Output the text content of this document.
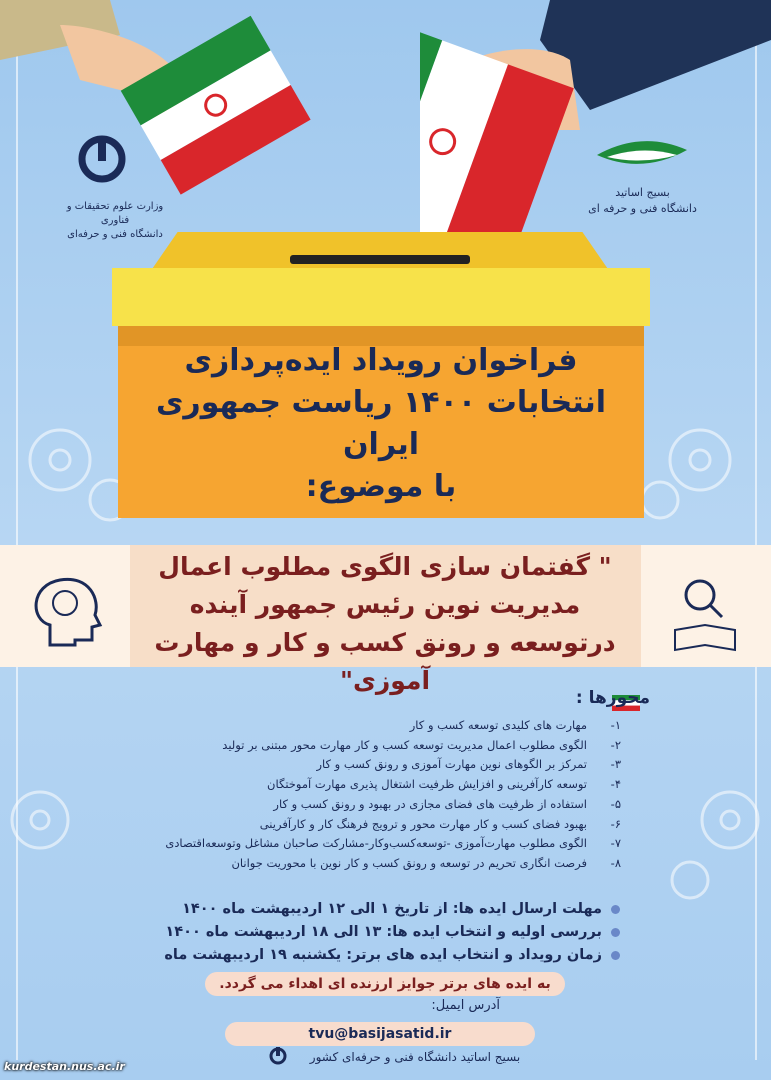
وزارت علوم تحقیقات و فناوری
دانشگاه فنی و حرفه‌ای
بسیج اساتید
دانشگاه فنی و حرفه ای
فراخوان رویداد ایده‌پردازی
انتخابات ۱۴۰۰ ریاست جمهوری ایران
با موضوع:
" گفتمان سازی الگوی مطلوب اعمال
مدیریت نوین رئیس جمهور آینده
درتوسعه و رونق کسب و کار و مهارت آموزی"
محورها :
۱-مهارت های کلیدی توسعه کسب و کار
۲-الگوی مطلوب اعمال مدیریت توسعه کسب و کار مهارت محور مبتنی بر تولید
۳-تمرکز بر الگوهای نوین مهارت آموزی و رونق کسب و کار
۴-توسعه کارآفرینی و افزایش ظرفیت اشتغال پذیری مهارت آموختگان
۵-استفاده از ظرفیت های فضای مجازی در بهبود و رونق کسب و کار
۶-بهبود فضای کسب و کار مهارت محور و ترویج فرهنگ کار و کارآفرینی
۷-الگوی مطلوب مهارت‌آموزی -توسعه‌کسب‌و‌کار-مشارکت صاحبان مشاغل و‌توسعه‌اقتصادی
۸-فرصت انگاری تحریم در توسعه و رونق کسب و کار نوین با محوریت جوانان
مهلت ارسال ایده ها: از تاریخ ۱ الی ۱۲ اردیبهشت ماه ۱۴۰۰
بررسی اولیه و انتخاب ایده ها: ۱۳ الی ۱۸ اردیبهشت ماه ۱۴۰۰
زمان رویداد و انتخاب ایده های برتر: یکشنبه ۱۹ اردیبهشت ماه
به ایده های برتر جوایز ارزنده ای اهداء می گردد.
آدرس ایمیل:
tvu@basijasatid.ir
بسیج اساتید دانشگاه فنی و حرفه‌ای کشور
kurdestan.nus.ac.ir
